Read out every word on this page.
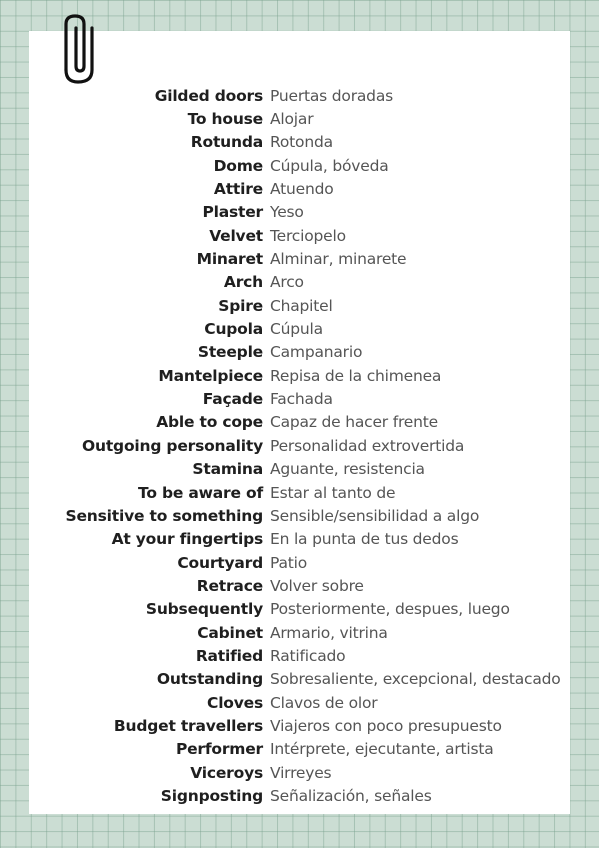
Gilded doors Puertas doradas
To house Alojar
Rotunda Rotonda
Dome Cúpula, bóveda
Attire Atuendo
Plaster Yeso
Velvet Terciopelo
Minaret Alminar, minarete
Arch Arco
Spire Chapitel
Cupola Cúpula
Steeple Campanario
Mantelpiece Repisa de la chimenea
Façade Fachada
Able to cope Capaz de hacer frente
Outgoing personality Personalidad extrovertida
Stamina Aguante, resistencia
To be aware of Estar al tanto de
Sensitive to something Sensible/sensibilidad a algo
At your fingertips En la punta de tus dedos
Courtyard Patio
Retrace Volver sobre
Subsequently Posteriormente, despues, luego
Cabinet Armario, vitrina
Ratified Ratificado
Outstanding Sobresaliente, excepcional, destacado
Cloves Clavos de olor
Budget travellers Viajeros con poco presupuesto
Performer Intérprete, ejecutante, artista
Viceroys Virreyes
Signposting Señalización, señales
